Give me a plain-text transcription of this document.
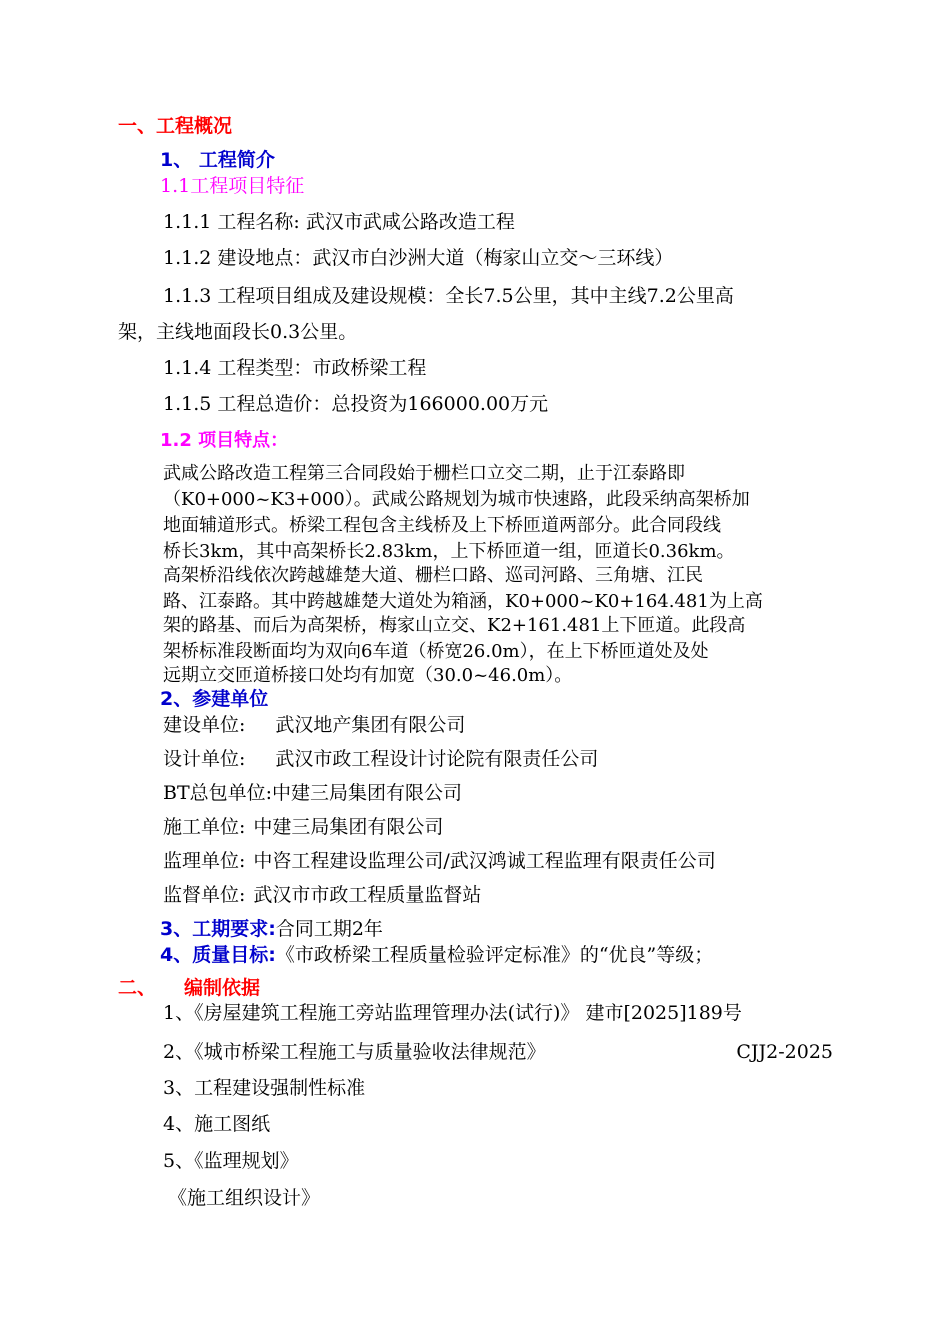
一、工程概况
1、 工程简介
1.1工程项目特征
1.1.1 工程名称: 武汉市武咸公路改造工程
1.1.2 建设地点：武汉市白沙洲大道（梅家山立交～三环线）
1.1.3 工程项目组成及建设规模：全长7.5公里，其中主线7.2公里高
架，主线地面段长0.3公里。
1.1.4 工程类型：市政桥梁工程
1.1.5 工程总造价：总投资为166000.00万元
1.2 项目特点：
武咸公路改造工程第三合同段始于栅栏口立交二期，止于江泰路即
（K0+000~K3+000）。武咸公路规划为城市快速路，此段采纳高架桥加
地面辅道形式。桥梁工程包含主线桥及上下桥匝道两部分。此合同段线
桥长3km，其中高架桥长2.83km，上下桥匝道一组，匝道长0.36km。
高架桥沿线依次跨越雄楚大道、栅栏口路、巡司河路、三角塘、江民
路、江泰路。其中跨越雄楚大道处为箱涵，K0+000~K0+164.481为上高
架的路基、而后为高架桥，梅家山立交、K2+161.481上下匝道。此段高
架桥标准段断面均为双向6车道（桥宽26.0m），在上下桥匝道处及处
远期立交匝道桥接口处均有加宽（30.0~46.0m）。
2、参建单位
建设单位: 武汉地产集团有限公司
设计单位: 武汉市政工程设计讨论院有限责任公司
BT总包单位:中建三局集团有限公司
施工单位: 中建三局集团有限公司
监理单位: 中咨工程建设监理公司/武汉鸿诚工程监理有限责任公司
监督单位: 武汉市市政工程质量监督站
3、工期要求:合同工期2年
4、质量目标:《市政桥梁工程质量检验评定标准》的“优良”等级；
二、 编制依据
1、《房屋建筑工程施工旁站监理管理办法(试行)》 建市[2025]189号
2、《城市桥梁工程施工与质量验收法律规范》	CJJ2-2025
3、工程建设强制性标准
4、施工图纸
5、《监理规划》
《施工组织设计》
